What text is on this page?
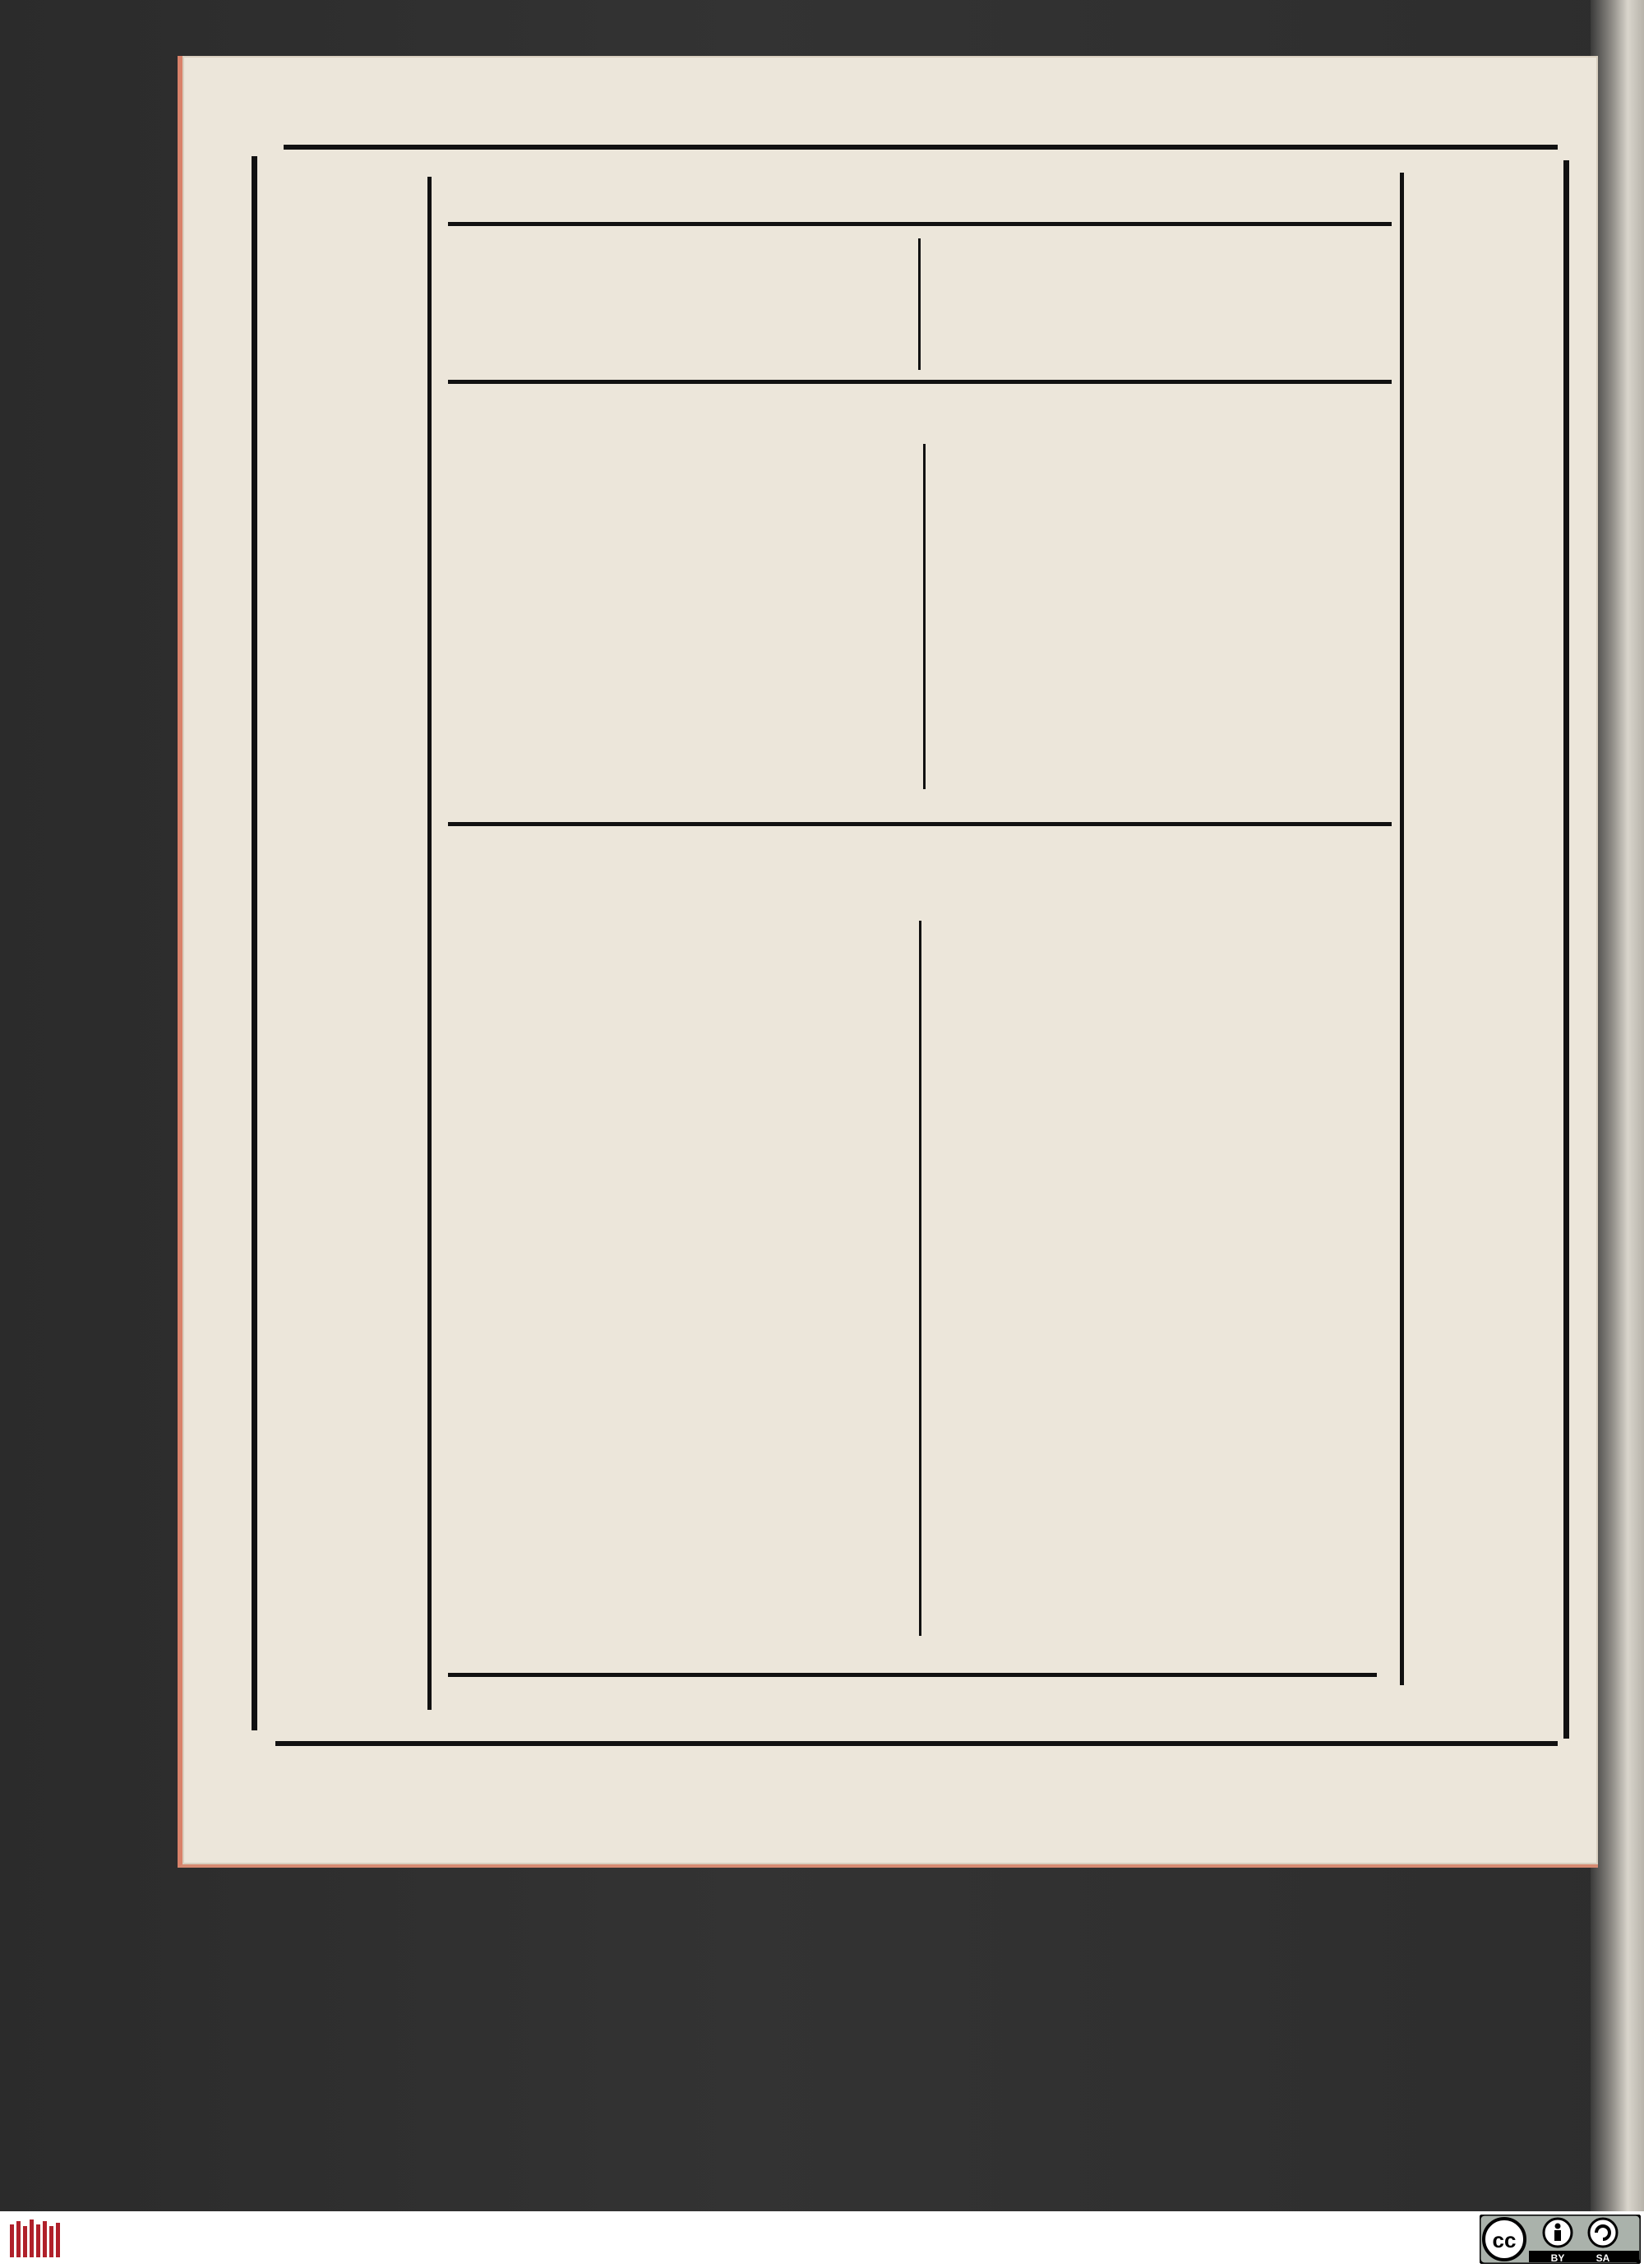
cc
BY	SA
